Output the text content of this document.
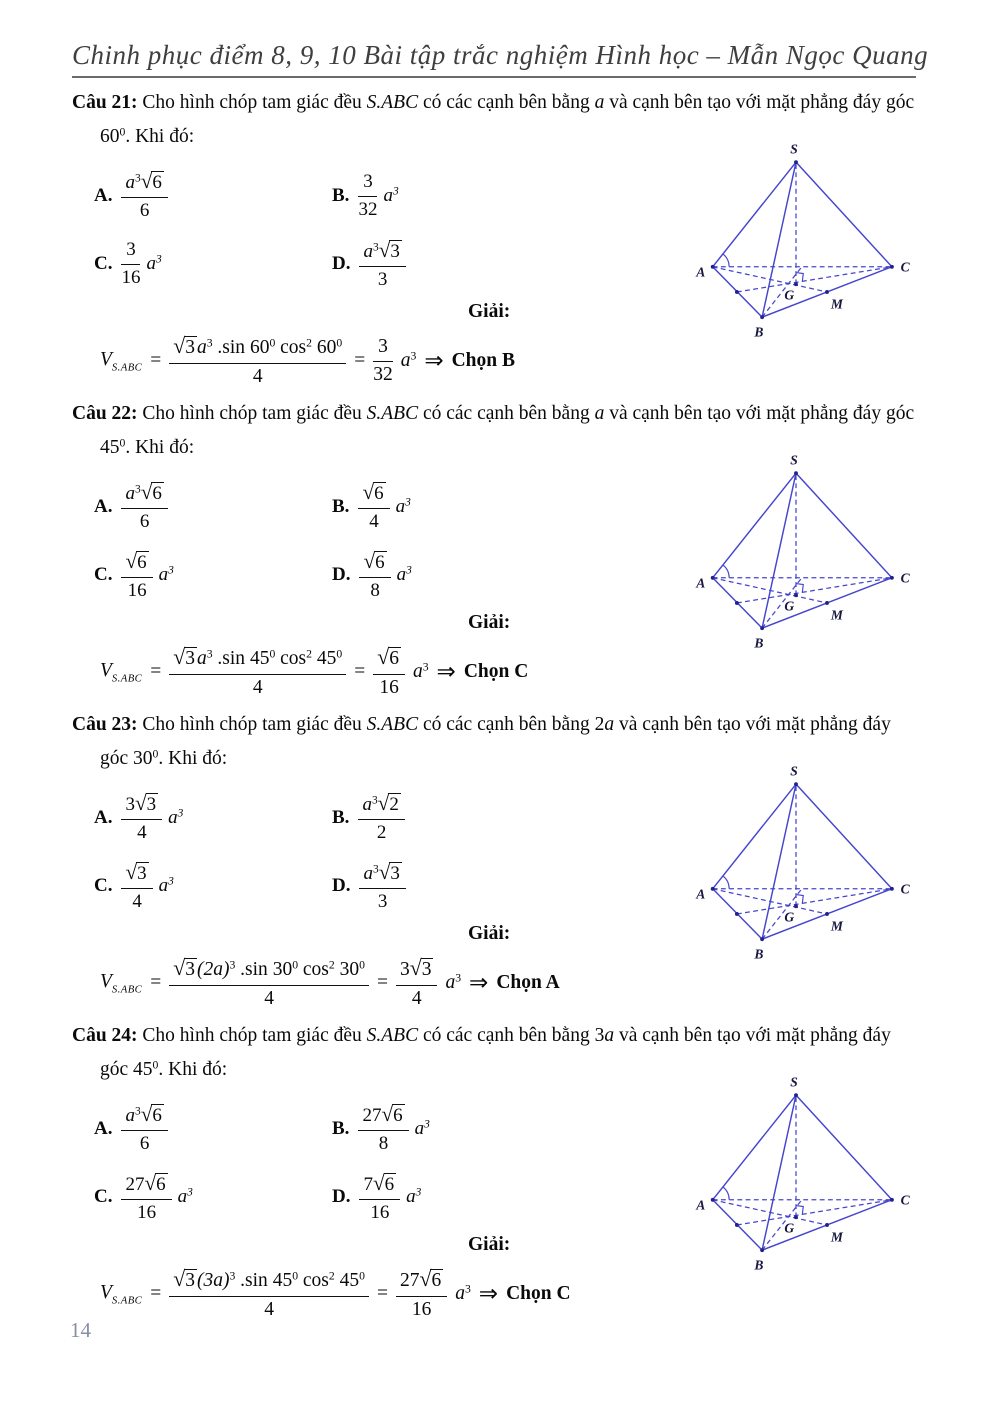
Chinh phục điểm 8, 9, 10 Bài tập trắc nghiệm Hình học – Mẫn Ngọc Quang

Câu 21: Cho hình chóp tam giác đều S.ABC có các cạnh bên bằng a và cạnh bên tạo với mặt phẳng đáy góc $60^0$. Khi đó:

A. $\frac{a^3√6}{6}$	B. $\frac{3}{32} a^3$
C. $\frac{3}{16} a^3$	D. $\frac{a^3√3}{3}$
Giải:
$V_{S.ABC} = \frac{√3 a^3 .\sin 60^0 \cos^2 60^0}{4} = \frac{3}{32} a^3$ ⇒ Chọn B
S
A
B
C
G
M

Câu 22: Cho hình chóp tam giác đều S.ABC có các cạnh bên bằng a và cạnh bên tạo với mặt phẳng đáy góc $45^0$. Khi đó:

A. $\frac{a^3√6}{6}$	B. $\frac{√6}{4} a^3$
C. $\frac{√6}{16} a^3$	D. $\frac{√6}{8} a^3$
Giải:
$V_{S.ABC} = \frac{√3 a^3 .\sin 45^0 \cos^2 45^0}{4} = \frac{√6}{16} a^3$ ⇒ Chọn C
S
A
B
C
G
M

Câu 23: Cho hình chóp tam giác đều S.ABC có các cạnh bên bằng 2a và cạnh bên tạo với mặt phẳng đáy góc $30^0$. Khi đó:

A. $\frac{3√3}{4} a^3$	B. $\frac{a^3√2}{2}$
C. $\frac{√3}{4} a^3$	D. $\frac{a^3√3}{3}$
Giải:
$V_{S.ABC} = \frac{√3 (2a)^3 .\sin 30^0 \cos^2 30^0}{4} = \frac{3√3}{4} a^3$ ⇒ Chọn A
S
A
B
C
G
M

Câu 24: Cho hình chóp tam giác đều S.ABC có các cạnh bên bằng 3a và cạnh bên tạo với mặt phẳng đáy góc $45^0$. Khi đó:

A. $\frac{a^3√6}{6}$	B. $\frac{27√6}{8} a^3$
C. $\frac{27√6}{16} a^3$	D. $\frac{7√6}{16} a^3$
Giải:
$V_{S.ABC} = \frac{√3 (3a)^3 .\sin 45^0 \cos^2 45^0}{4} = \frac{27√6}{16} a^3$ ⇒ Chọn C
S
A
B
C
G
M
14
